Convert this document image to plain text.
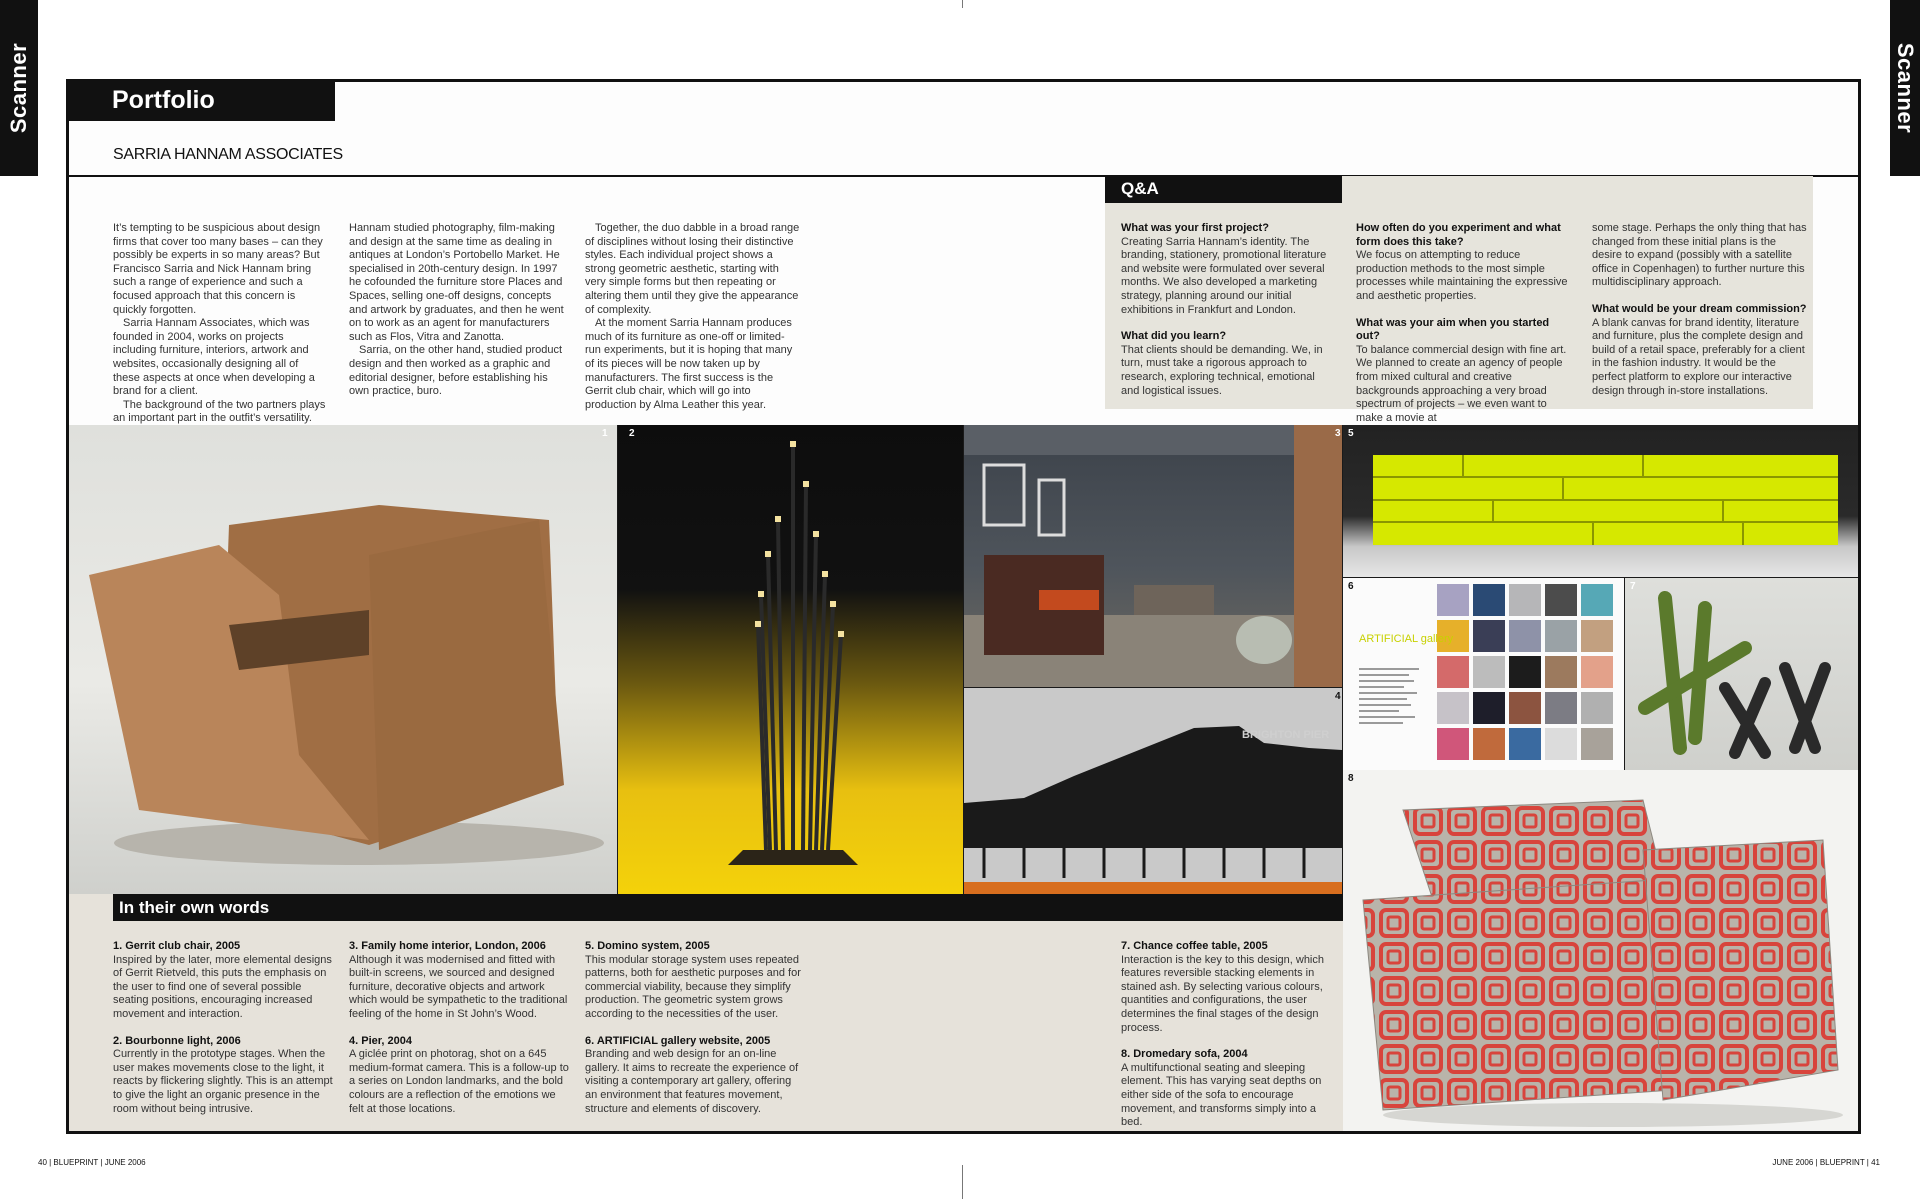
Scanner	Scanner
Portfolio
SARRIA HANNAM ASSOCIATES

It’s tempting to be suspicious about design firms that cover too many bases – can they possibly be experts in so many areas? But Francisco Sarria and Nick Hannam bring such a range of experience and such a focused approach that this concern is quickly forgotten.

Sarria Hannam Associates, which was founded in 2004, works on projects including furniture, interiors, artwork and websites, occasionally designing all of these aspects at once when developing a brand for a client.

The background of the two partners plays an important part in the outfit’s versatility.

Hannam studied photography, film-making and design at the same time as dealing in antiques at London’s Portobello Market. He specialised in 20th-century design. In 1997 he cofounded the furniture store Places and Spaces, selling one-off designs, concepts and artwork by graduates, and then he went on to work as an agent for manufacturers such as Flos, Vitra and Zanotta.

Sarria, on the other hand, studied product design and then worked as a graphic and editorial designer, before establishing his own practice, buro.

Together, the duo dabble in a broad range of disciplines without losing their distinctive styles. Each individual project shows a strong geometric aesthetic, starting with very simple forms but then repeating or altering them until they give the appearance of complexity.

At the moment Sarria Hannam produces much of its furniture as one-off or limited-run experiments, but it is hoping that many of its pieces will be now taken up by manufacturers. The first success is the Gerrit club chair, which will go into production by Alma Leather this year.

Q&A

What was your first project?

Creating Sarria Hannam’s identity. The branding, stationery, promotional literature and website were formulated over several months. We also developed a marketing strategy, planning around our initial exhibitions in Frankfurt and London.

What did you learn?

That clients should be demanding. We, in turn, must take a rigorous approach to research, exploring technical, emotional and logistical issues.

How often do you experiment and what form does this take?

We focus on attempting to reduce production methods to the most simple processes while maintaining the expressive and aesthetic properties.

What was your aim when you started out?

To balance commercial design with fine art. We planned to create an agency of people from mixed cultural and creative backgrounds approaching a very broad spectrum of projects – we even want to make a movie at

some stage. Perhaps the only thing that has changed from these initial plans is the desire to expand (possibly with a satellite office in Copenhagen) to further nurture this multidisciplinary approach.

What would be your dream commission?

A blank canvas for brand identity, literature and furniture, plus the complete design and build of a retail space, preferably for a client in the fashion industry. It would be the perfect platform to explore our interactive design through in-store installations.

1 2	3
BRIGHTON PIER
4
5
ARTIFICIAL gallery
6	7
In their own words

1. Gerrit club chair, 2005

Inspired by the later, more elemental designs of Gerrit Rietveld, this puts the emphasis on the user to find one of several possible seating positions, encouraging increased movement and interaction.

2. Bourbonne light, 2006

Currently in the prototype stages. When the user makes movements close to the light, it reacts by flickering slightly. This is an attempt to give the light an organic presence in the room without being intrusive.

3. Family home interior, London, 2006

Although it was modernised and fitted with built-in screens, we sourced and designed furniture, decorative objects and artwork which would be sympathetic to the traditional feeling of the home in St John’s Wood.

4. Pier, 2004

A giclée print on photorag, shot on a 645 medium-format camera. This is a follow-up to a series on London landmarks, and the bold colours are a reflection of the emotions we felt at those locations.

5. Domino system, 2005

This modular storage system uses repeated patterns, both for aesthetic purposes and for commercial viability, because they simplify production. The geometric system grows according to the necessities of the user.

6. ARTIFICIAL gallery website, 2005

Branding and web design for an on-line gallery. It aims to recreate the experience of visiting a contemporary art gallery, offering an environment that features movement, structure and elements of discovery.

7. Chance coffee table, 2005

Interaction is the key to this design, which features reversible stacking elements in stained ash. By selecting various colours, quantities and configurations, the user determines the final stages of the design process.

8. Dromedary sofa, 2004

A multifunctional seating and sleeping element. This has varying seat depths on either side of the sofa to encourage movement, and transforms simply into a bed.

8
40 | BLUEPRINT | JUNE 2006	JUNE 2006 | BLUEPRINT | 41
